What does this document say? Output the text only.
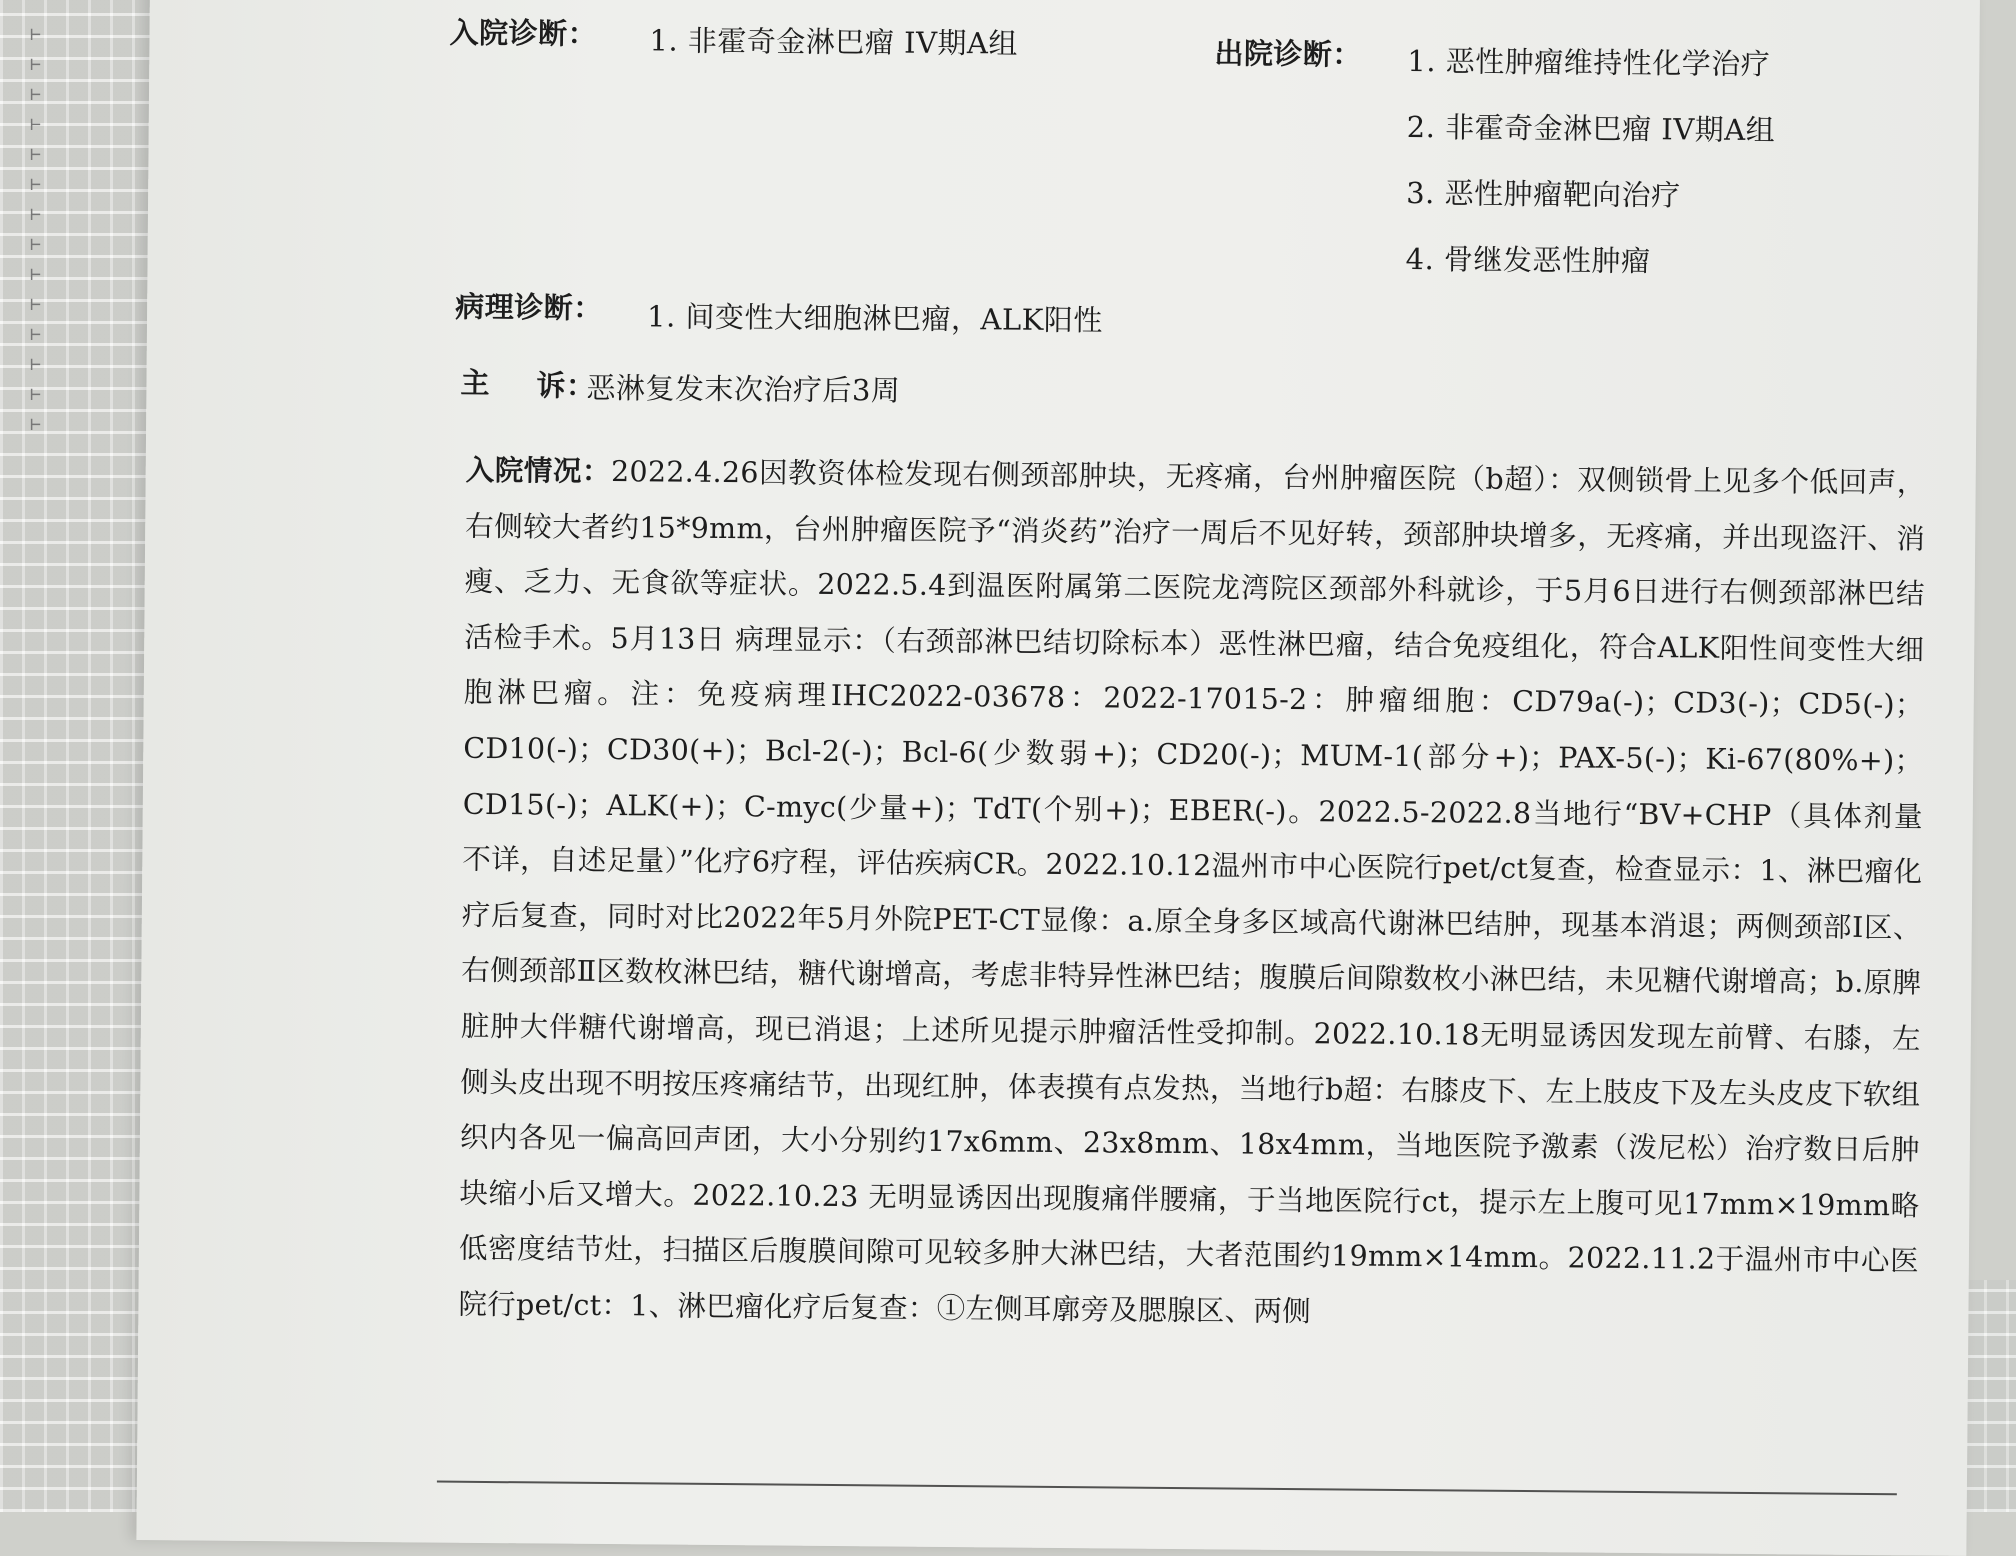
⊢
⊢
⊢
⊢
⊢
⊢
⊢
⊢
⊢
⊢
⊢
⊢
⊢
⊢
入院诊断： 1. 非霍奇金淋巴瘤 IV期A组	出院诊断： 1. 恶性肿瘤维持性化学治疗
2. 非霍奇金淋巴瘤 IV期A组
3. 恶性肿瘤靶向治疗
4. 骨继发恶性肿瘤
病理诊断： 1. 间变性大细胞淋巴瘤，ALK阳性
主 诉：
恶淋复发末次治疗后3周
入院情况：2022.4.26因教资体检发现右侧颈部肿块，无疼痛，台州肿瘤医院（b超）：双侧锁骨上见多个低回声，右侧较大者约15*9mm，台州肿瘤医院予“消炎药”治疗一周后不见好转，颈部肿块增多，无疼痛，并出现盗汗、消瘦、乏力、无食欲等症状。2022.5.4到温医附属第二医院龙湾院区颈部外科就诊，于5月6日进行右侧颈部淋巴结活检手术。5月13日 病理显示：（右颈部淋巴结切除标本）恶性淋巴瘤，结合免疫组化，符合ALK阳性间变性大细胞淋巴瘤。注：免疫病理IHC2022-03678：2022-17015-2：肿瘤细胞：CD79a(-)；CD3(-)；CD5(-)；CD10(-)；CD30(+)；Bcl-2(-)；Bcl-6(少数弱+)；CD20(-)；MUM-1(部分+)；PAX-5(-)；Ki-67(80%+)；CD15(-)；ALK(+)；C-myc(少量+)；TdT(个别+)；EBER(-)。2022.5-2022.8当地行“BV+CHP（具体剂量不详，自述足量）”化疗6疗程，评估疾病CR。2022.10.12温州市中心医院行pet/ct复查，检查显示：1、淋巴瘤化疗后复查，同时对比2022年5月外院PET-CT显像：a.原全身多区域高代谢淋巴结肿，现基本消退；两侧颈部Ⅰ区、右侧颈部Ⅱ区数枚淋巴结，糖代谢增高，考虑非特异性淋巴结；腹膜后间隙数枚小淋巴结，未见糖代谢增高；b.原脾脏肿大伴糖代谢增高，现已消退；上述所见提示肿瘤活性受抑制。2022.10.18无明显诱因发现左前臂、右膝，左侧头皮出现不明按压疼痛结节，出现红肿，体表摸有点发热，当地行b超：右膝皮下、左上肢皮下及左头皮皮下软组织内各见一偏高回声团，大小分别约17x6mm、23x8mm、18x4mm，当地医院予激素（泼尼松）治疗数日后肿块缩小后又增大。2022.10.23 无明显诱因出现腹痛伴腰痛，于当地医院行ct，提示左上腹可见17mm×19mm略低密度结节灶，扫描区后腹膜间隙可见较多肿大淋巴结，大者范围约19mm×14mm。2022.11.2于温州市中心医院行pet/ct：1、淋巴瘤化疗后复查：①左侧耳廓旁及腮腺区、两侧
